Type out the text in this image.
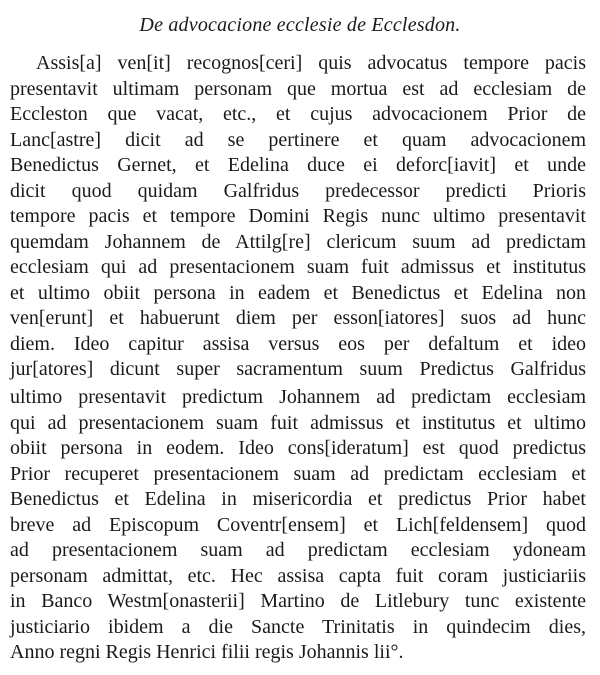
De advocacione ecclesie de Ecclesdon.
Assis[a] ven[it] recognos[ceri] quis advocatus tempore pacis
presentavit ultimam personam que mortua est ad ecclesiam de
Eccleston que vacat, etc., et cujus advocacionem Prior de
Lanc[astre] dicit ad se pertinere et quam advocacionem
Benedictus Gernet, et Edelina duce ei deforc[iavit] et unde
dicit quod quidam Galfridus predecessor predicti Prioris
tempore pacis et tempore Domini Regis nunc ultimo presentavit
quemdam Johannem de Attilg[re] clericum suum ad predictam
ecclesiam qui ad presentacionem suam fuit admissus et institutus
et ultimo obiit persona in eadem et Benedictus et Edelina non
ven[erunt] et habuerunt diem per esson[iatores] suos ad hunc
diem. Ideo capitur assisa versus eos per defaltum et ideo
jur[atores] dicunt super sacramentum suum Predictus Galfridus
ultimo presentavit predictum Johannem ad predictam ecclesiam
qui ad presentacionem suam fuit admissus et institutus et ultimo
obiit persona in eodem. Ideo cons[ideratum] est quod predictus
Prior recuperet presentacionem suam ad predictam ecclesiam et
Benedictus et Edelina in misericordia et predictus Prior habet
breve ad Episcopum Coventr[ensem] et Lich[feldensem] quod
ad presentacionem suam ad predictam ecclesiam ydoneam
personam admittat, etc. Hec assisa capta fuit coram justiciariis
in Banco Westm[onasterii] Martino de Litlebury tunc existente
justiciario ibidem a die Sancte Trinitatis in quindecim dies,
Anno regni Regis Henrici filii regis Johannis lii°.
